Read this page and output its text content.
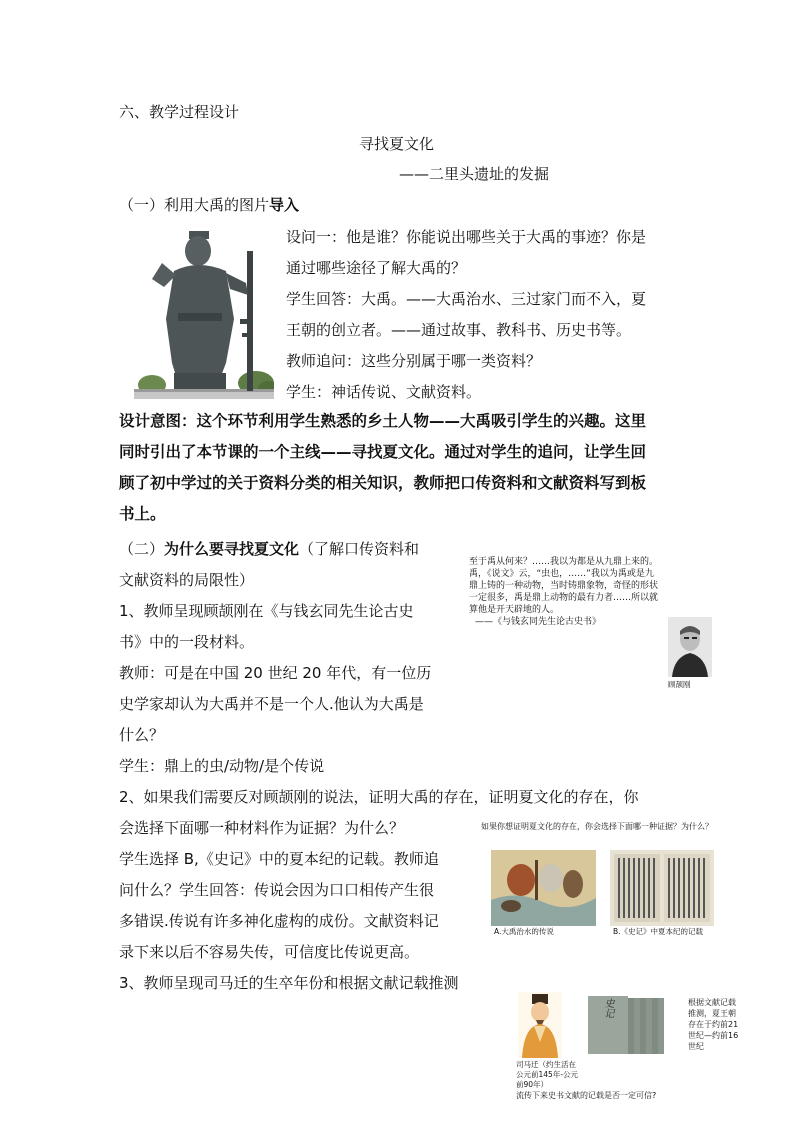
六、教学过程设计
寻找夏文化
——二里头遗址的发掘
（一）利用大禹的图片导入
设问一：他是谁？你能说出哪些关于大禹的事迹？你是
通过哪些途径了解大禹的？
学生回答：大禹。——大禹治水、三过家门而不入，夏
王朝的创立者。——通过故事、教科书、历史书等。
教师追问：这些分别属于哪一类资料？
学生：神话传说、文献资料。
设计意图：这个环节利用学生熟悉的乡土人物——大禹吸引学生的兴趣。这里
同时引出了本节课的一个主线——寻找夏文化。通过对学生的追问，让学生回
顾了初中学过的关于资料分类的相关知识，教师把口传资料和文献资料写到板
书上。
（二）为什么要寻找夏文化（了解口传资料和
文献资料的局限性）
1、教师呈现顾颉刚在《与钱玄同先生论古史
书》中的一段材料。
教师：可是在中国 20 世纪 20 年代，有一位历
史学家却认为大禹并不是一个人.他认为大禹是
什么？
学生：鼎上的虫/动物/是个传说
2、如果我们需要反对顾颉刚的说法，证明大禹的存在，证明夏文化的存在，你
会选择下面哪一种材料作为证据？为什么？
学生选择 B,《史记》中的夏本纪的记载。教师追
问什么？学生回答：传说会因为口口相传产生很
多错误.传说有许多神化虚构的成份。文献资料记
录下来以后不容易失传，可信度比传说更高。
3、教师呈现司马迁的生卒年份和根据文献记载推测
至于禹从何来？……我以为都是从九鼎上来的。
禹，《说文》云，“虫也，……”我以为禹或是九
鼎上铸的一种动物，当时铸鼎象物，奇怪的形状
一定很多，禹是鼎上动物的最有力者……所以就
算他是开天辟地的人。
——《与钱玄同先生论古史书》
顾颉刚
如果你想证明夏文化的存在，你会选择下面哪一种证据？为什么？
A.大禹治水的传说	B.《史记》中夏本纪的记载
司马迁（约生活在
公元前145年-公元
前90年）
史记	根据文献记载
推测，夏王朝
存在于约前21
世纪—约前16
世纪
流传下来史书文献的记载是否一定可信?
